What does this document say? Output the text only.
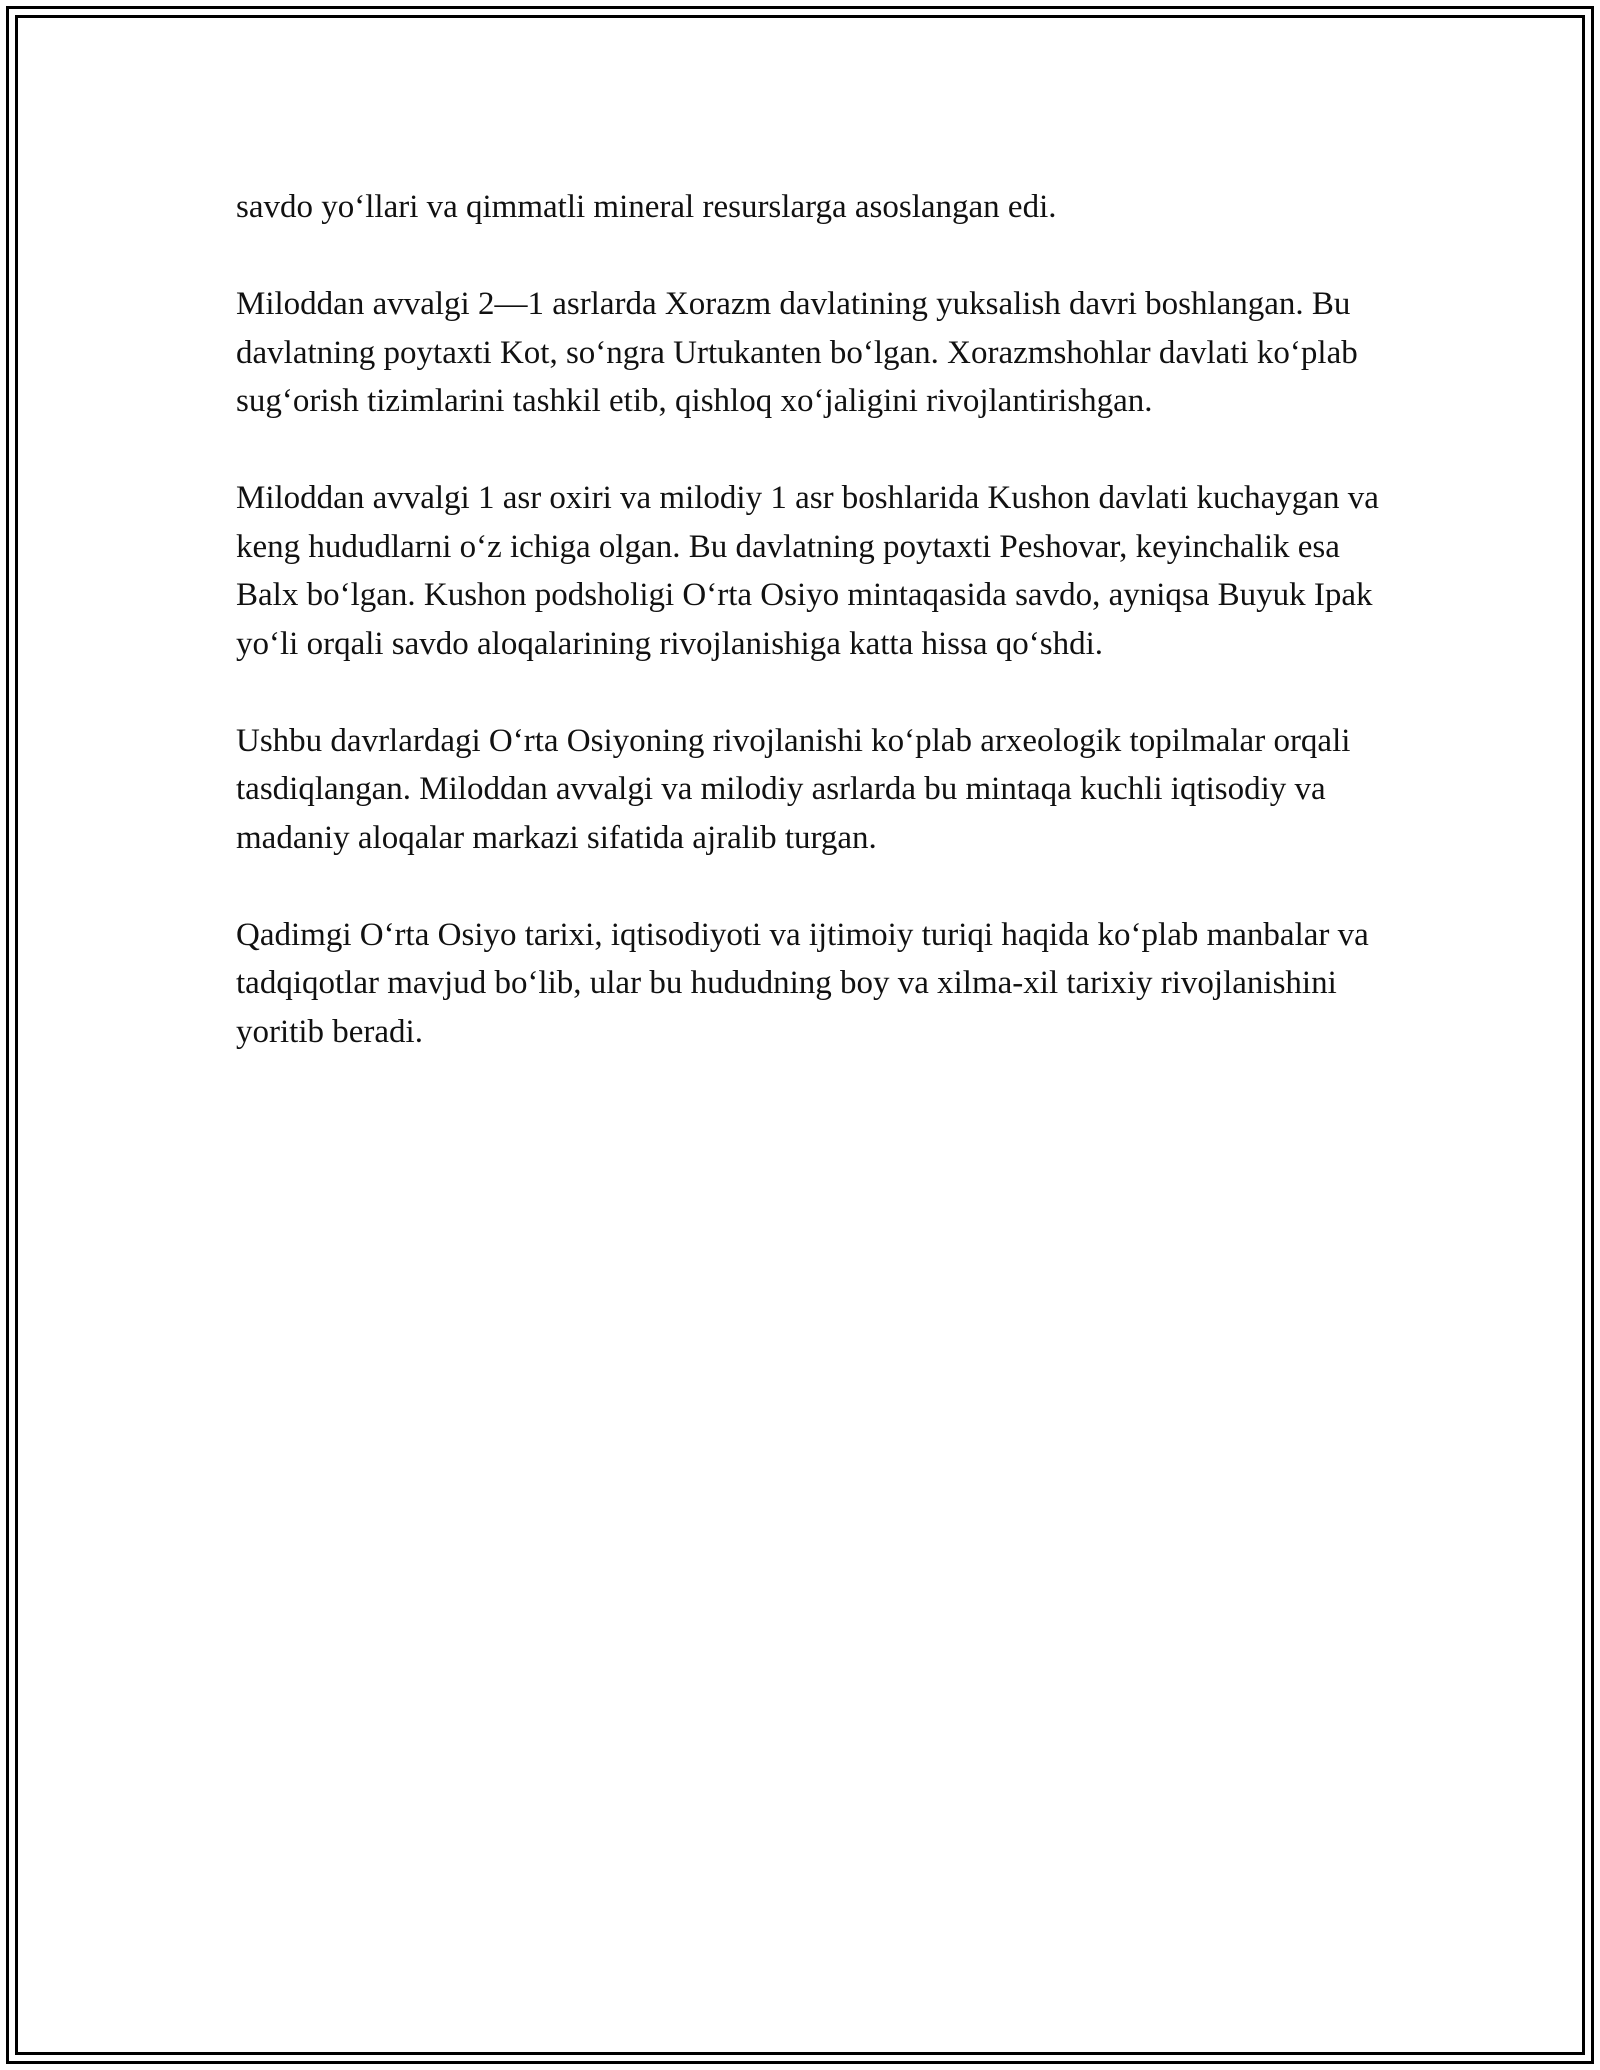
savdo yo‘llari va qimmatli mineral resurslarga asoslangan edi.

Miloddan avvalgi 2—1 asrlarda Xorazm davlatining yuksalish davri boshlangan. Bu davlatning poytaxti Kot, so‘ngra Urtukanten bo‘lgan. Xorazmshohlar davlati ko‘plab sug‘orish tizimlarini tashkil etib, qishloq xo‘jaligini rivojlantirishgan.

Miloddan avvalgi 1 asr oxiri va milodiy 1 asr boshlarida Kushon davlati kuchaygan va keng hududlarni o‘z ichiga olgan. Bu davlatning poytaxti Peshovar, keyinchalik esa Balx bo‘lgan. Kushon podsholigi O‘rta Osiyo mintaqasida savdo, ayniqsa Buyuk Ipak yo‘li orqali savdo aloqalarining rivojlanishiga katta hissa qo‘shdi.

Ushbu davrlardagi O‘rta Osiyoning rivojlanishi ko‘plab arxeologik topilmalar orqali tasdiqlangan. Miloddan avvalgi va milodiy asrlarda bu mintaqa kuchli iqtisodiy va madaniy aloqalar markazi sifatida ajralib turgan.

Qadimgi O‘rta Osiyo tarixi, iqtisodiyoti va ijtimoiy turiqi haqida ko‘plab manbalar va tadqiqotlar mavjud bo‘lib, ular bu hududning boy va xilma-xil tarixiy rivojlanishini yoritib beradi.
